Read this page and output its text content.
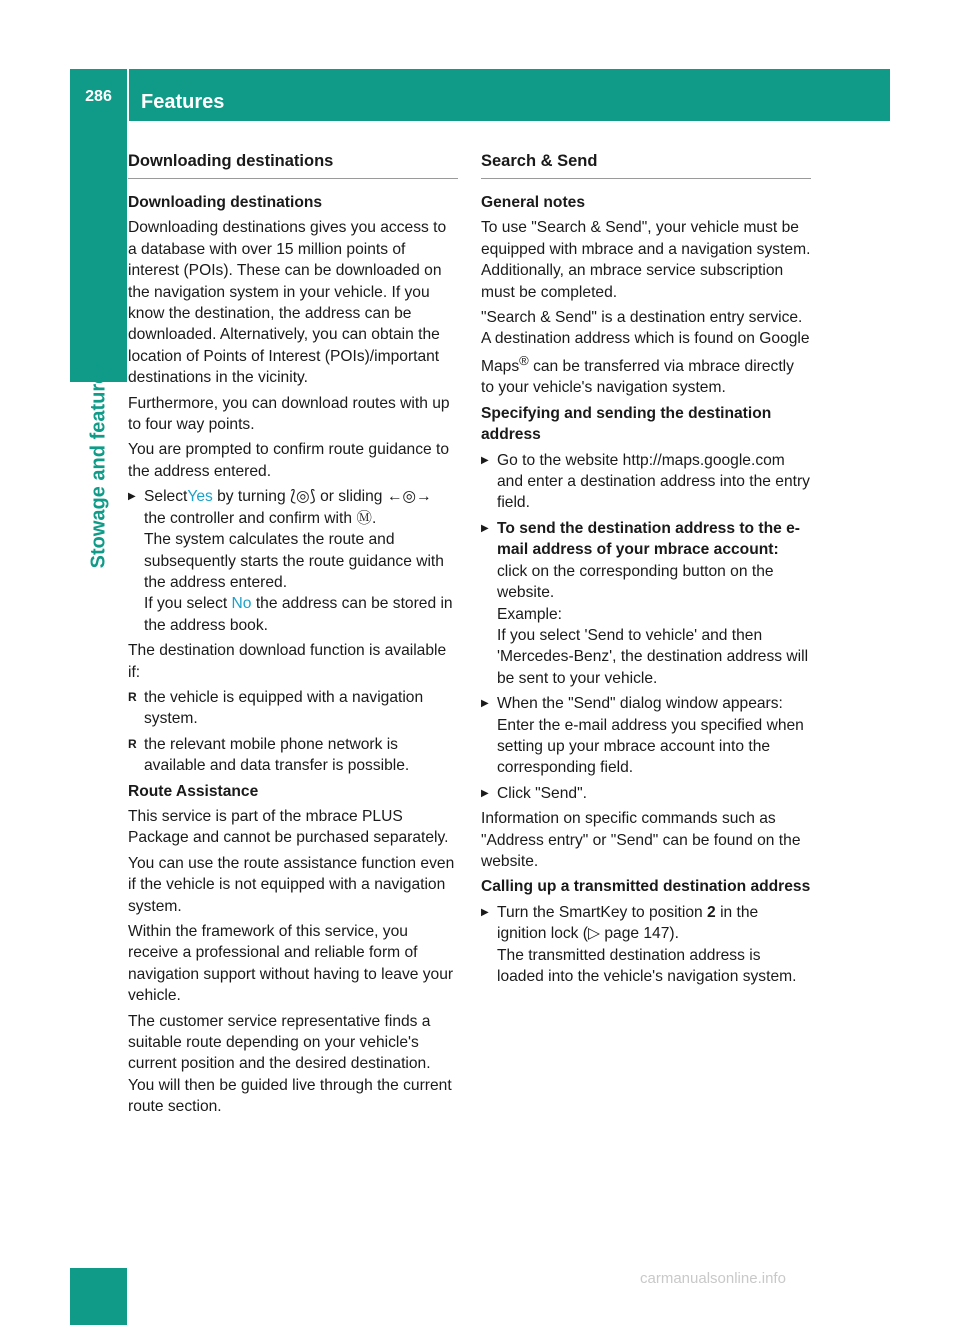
286	Features
Stowage and features
Downloading destinations
Downloading destinations

Downloading destinations gives you access to a database with over 15 million points of interest (POIs). These can be downloaded on the navigation system in your vehicle. If you know the destination, the address can be downloaded. Alternatively, you can obtain the location of Points of Interest (POIs)/important destinations in the vicinity.

Furthermore, you can download routes with up to four way points.

You are prompted to confirm route guidance to the address entered.

▶ SelectYes by turning ⟅◎⟆ or sliding ←◎→
the controller and confirm with Ⓜ.

The system calculates the route and subsequently starts the route guidance with the address entered.

If you select No the address can be stored in the address book.

The destination download function is available if:

R the vehicle is equipped with a navigation system.

R the relevant mobile phone network is available and data transfer is possible.

Route Assistance

This service is part of the mbrace PLUS Package and cannot be purchased separately.

You can use the route assistance function even if the vehicle is not equipped with a navigation system.

Within the framework of this service, you receive a professional and reliable form of navigation support without having to leave your vehicle.

The customer service representative finds a suitable route depending on your vehicle's current position and the desired destination. You will then be guided live through the current route section.

Search & Send
General notes

To use "Search & Send", your vehicle must be equipped with mbrace and a navigation system. Additionally, an mbrace service subscription must be completed.

"Search & Send" is a destination entry service. A destination address which is found on Google Maps® can be transferred via mbrace directly to your vehicle's navigation system.

Specifying and sending the destination address

▶ Go to the website http://maps.google.com and enter a destination address into the entry field.

▶ To send the destination address to the e-mail address of your mbrace account:

click on the corresponding button on the website.

Example:

If you select 'Send to vehicle' and then 'Mercedes-Benz', the destination address will be sent to your vehicle.

▶ When the "Send" dialog window appears:

Enter the e-mail address you specified when setting up your mbrace account into the corresponding field.

▶ Click "Send".

Information on specific commands such as "Address entry" or "Send" can be found on the website.

Calling up a transmitted destination address

▶ Turn the SmartKey to position 2 in the ignition lock (▷ page 147).

The transmitted destination address is loaded into the vehicle's navigation system.

carmanualsonline.info
